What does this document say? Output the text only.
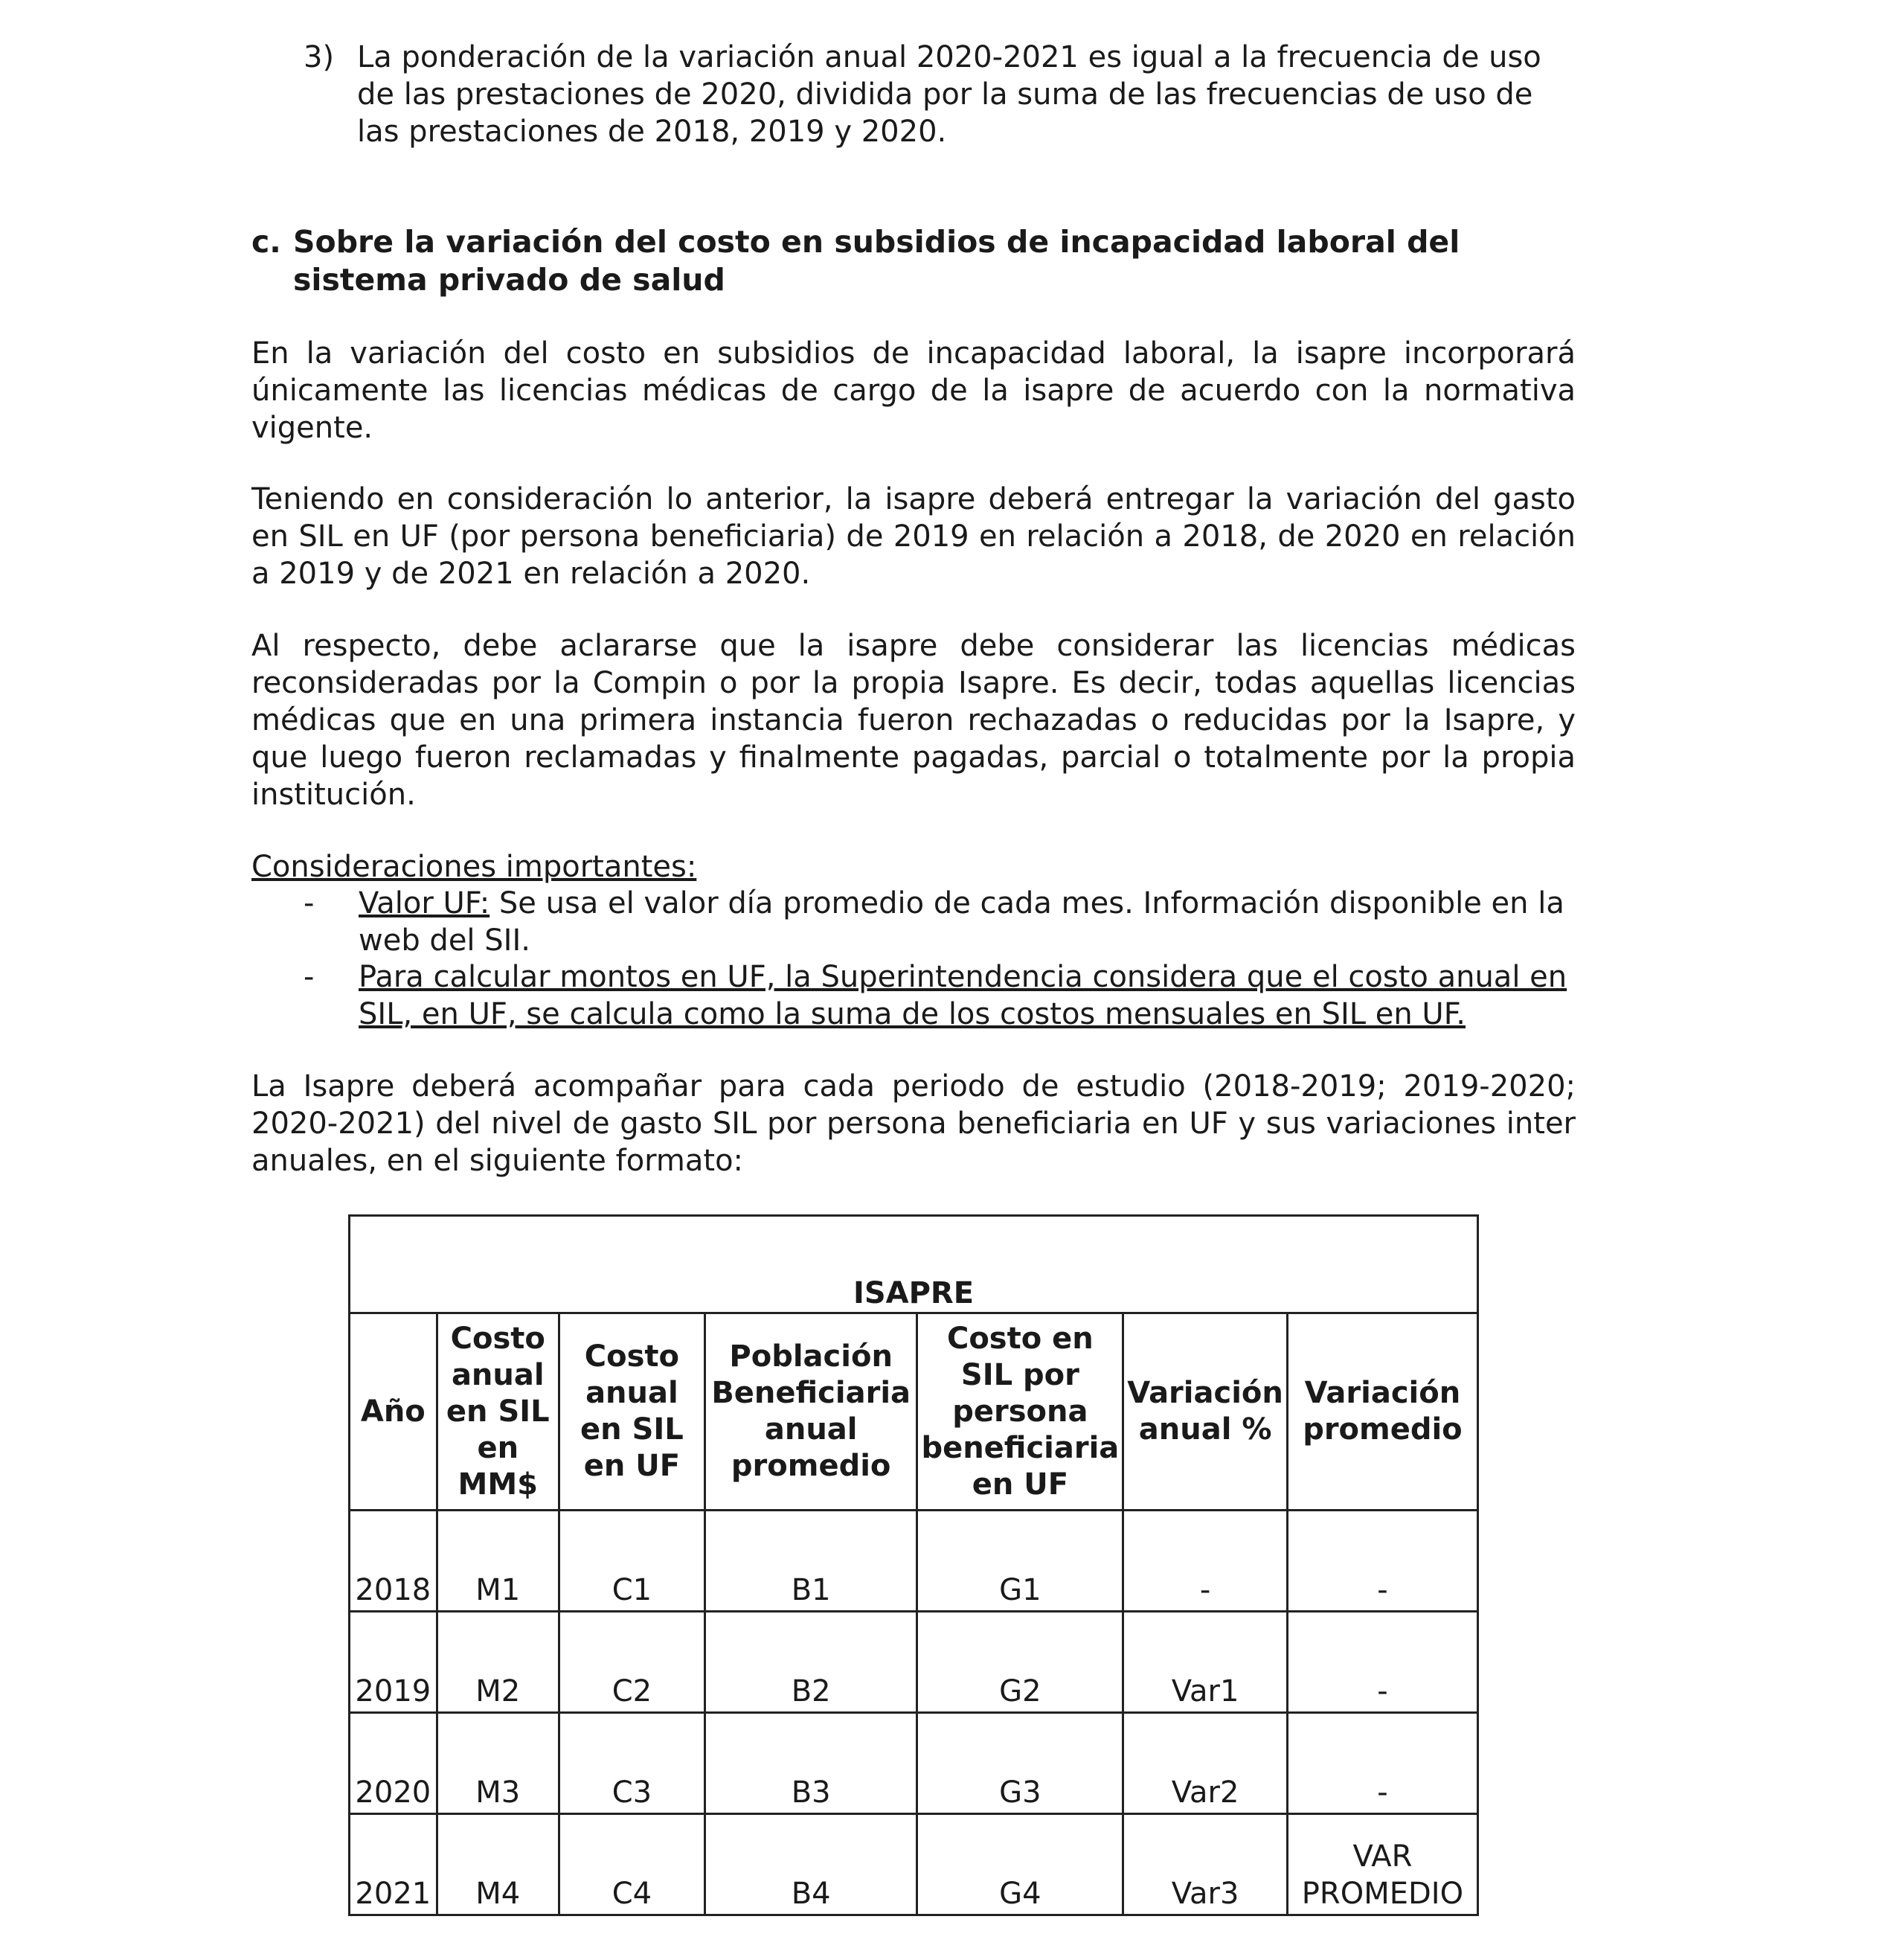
3) La ponderación de la variación anual 2020-2021 es igual a la frecuencia de uso de las prestaciones de 2020, dividida por la suma de las frecuencias de uso de las prestaciones de 2018, 2019 y 2020.
c. Sobre la variación del costo en subsidios de incapacidad laboral del sistema privado de salud
En la variación del costo en subsidios de incapacidad laboral, la isapre incorporará únicamente las licencias médicas de cargo de la isapre de acuerdo con la normativa vigente.
Teniendo en consideración lo anterior, la isapre deberá entregar la variación del gasto en SIL en UF (por persona beneficiaria) de 2019 en relación a 2018, de 2020 en relación a 2019 y de 2021 en relación a 2020.
Al respecto, debe aclararse que la isapre debe considerar las licencias médicas reconsideradas por la Compin o por la propia Isapre. Es decir, todas aquellas licencias médicas que en una primera instancia fueron rechazadas o reducidas por la Isapre, y que luego fueron reclamadas y finalmente pagadas, parcial o totalmente por la propia institución.
Consideraciones importantes:
- Valor UF: Se usa el valor día promedio de cada mes. Información disponible en la web del SII.
- Para calcular montos en UF, la Superintendencia considera que el costo anual en SIL, en UF, se calcula como la suma de los costos mensuales en SIL en UF.
La Isapre deberá acompañar para cada periodo de estudio (2018-2019; 2019-2020; 2020-2021) del nivel de gasto SIL por persona beneficiaria en UF y sus variaciones inter anuales, en el siguiente formato:
ISAPRE						
Año	Costo anual en SIL en MM$	Costo anual en SIL en UF	Población Beneficiaria anual promedio	Costo en SIL por persona beneficiaria en UF	Variación anual %	Variación promedio
2018	M1	C1	B1	G1	-	-
2019	M2	C2	B2	G2	Var1	-
2020	M3	C3	B3	G3	Var2	-
2021	M4	C4	B4	G4	Var3	VAR PROMEDIO
